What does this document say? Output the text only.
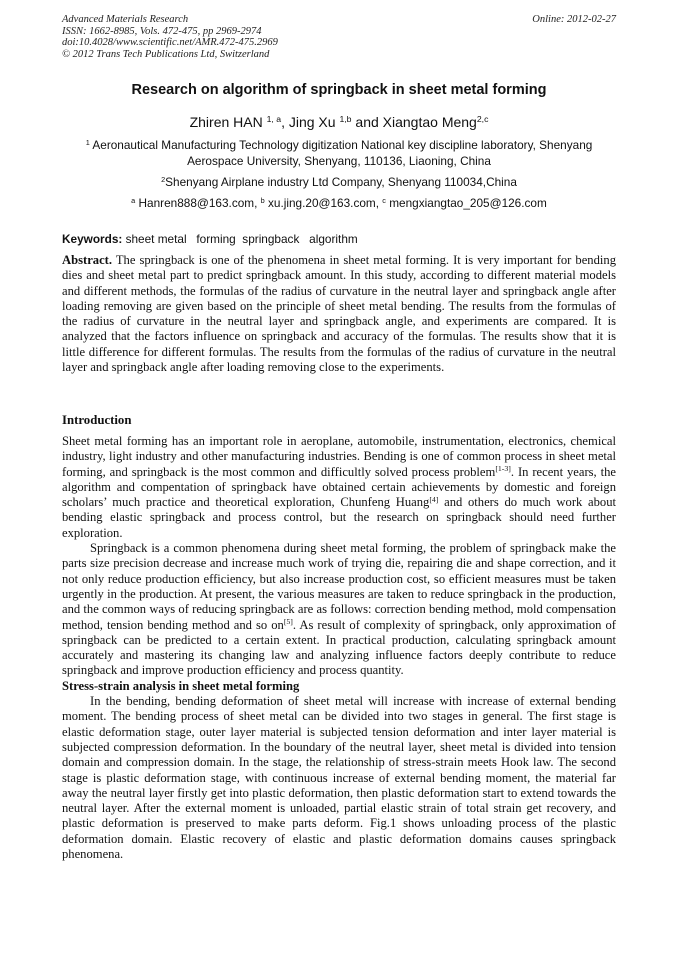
Advanced Materials Research
ISSN: 1662-8985, Vols. 472-475, pp 2969-2974
doi:10.4028/www.scientific.net/AMR.472-475.2969
© 2012 Trans Tech Publications Ltd, Switzerland
Online: 2012-02-27
Research on algorithm of springback in sheet metal forming
Zhiren HAN $^{1, a}$, Jing Xu $^{1,b}$ and Xiangtao Meng$^{2,c}$
$^1$ Aeronautical Manufacturing Technology digitization National key discipline laboratory, Shenyang Aerospace University, Shenyang, 110136, Liaoning, China
$^2$Shenyang Airplane industry Ltd Company, Shenyang 110034,China
$^a$ Hanren888@163.com, $^b$ xu.jing.20@163.com, $^c$ mengxiangtao_205@126.com
Keywords: sheet metal   forming  springback   algorithm

Abstract. The springback is one of the phenomena in sheet metal forming. It is very important for bending dies and sheet metal part to predict springback amount. In this study, according to different material models and different methods, the formulas of the radius of curvature in the neutral layer and springback angle after loading removing are given based on the principle of sheet metal bending. The results from the formulas of the radius of curvature in the neutral layer and springback angle, and experiments are compared. It is analyzed that the factors influence on springback and accuracy of the formulas. The results show that it is little difference for different formulas. The results from the formulas of the radius of curvature in the neutral layer and springback angle after loading removing close to the experiments.

Introduction

Sheet metal forming has an important role in aeroplane, automobile, instrumentation, electronics, chemical industry, light industry and other manufacturing industries. Bending is one of common process in sheet metal forming, and springback is the most common and difficultly solved process problem[1-3]. In recent years, the algorithm and compentation of springback have obtained certain achievements by domestic and foreign scholars’ much practice and theoretical exploration, Chunfeng Huang[4] and others do much work about bending elastic springback and process control, but the research on springback should need further exploration.

Springback is a common phenomena during sheet metal forming, the problem of springback make the parts size precision decrease and increase much work of trying die, repairing die and shape correction, and it not only reduce production efficiency, but also increase production cost, so efficient measures must be taken urgently in the production. At present, the various measures are taken to reduce springback in the production, and the common ways of reducing springback are as follows: correction bending method, mold compensation method, tension bending method and so on[5]. As result of complexity of springback, only approximation of springback can be predicted to a certain extent. In practical production, calculating springback amount accurately and mastering its changing law and analyzing influence factors deeply contribute to reduce springback and improve production efficiency and process quantity.

Stress-strain analysis in sheet metal forming

In the bending, bending deformation of sheet metal will increase with increase of external bending moment. The bending process of sheet metal can be divided into two stages in general. The first stage is elastic deformation stage, outer layer material is subjected tension deformation and inter layer material is subjected compression deformation. In the boundary of the neutral layer, sheet metal is divided into tension domain and compression domain. In the stage, the relationship of stress-strain meets Hook law. The second stage is plastic deformation stage, with continuous increase of external bending moment, the material far away the neutral layer firstly get into plastic deformation, then plastic deformation start to extend towards the neutral layer. After the external moment is unloaded, partial elastic strain of total strain get recovery, and plastic deformation is preserved to make parts deform. Fig.1 shows unloading process of the plastic deformation domain. Elastic recovery of elastic and plastic deformation domains causes springback phenomena.
